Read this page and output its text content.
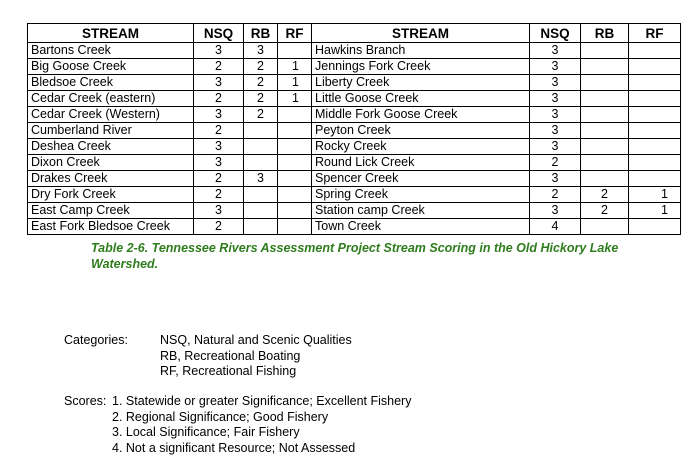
STREAM	NSQ	RB	RF	STREAM	NSQ	RB	RF
Bartons Creek	3	3		Hawkins Branch	3		
Big Goose Creek	2	2	1	Jennings Fork Creek	3		
Bledsoe Creek	3	2	1	Liberty Creek	3		
Cedar Creek (eastern)	2	2	1	Little Goose Creek	3		
Cedar Creek (Western)	3	2		Middle Fork Goose Creek	3		
Cumberland River	2			Peyton Creek	3		
Deshea Creek	3			Rocky Creek	3		
Dixon Creek	3			Round Lick Creek	2		
Drakes Creek	2	3		Spencer Creek	3		
Dry Fork Creek	2			Spring Creek	2	2	1
East Camp Creek	3			Station camp Creek	3	2	1
East Fork Bledsoe Creek	2			Town Creek	4		
Table 2-6. Tennessee Rivers Assessment Project Stream Scoring in the Old Hickory Lake Watershed.
Categories:	NSQ, Natural and Scenic Qualities
RB, Recreational Boating
RF, Recreational Fishing
Scores: 1. Statewide or greater Significance; Excellent Fishery
2. Regional Significance; Good Fishery
3. Local Significance; Fair Fishery
4. Not a significant Resource; Not Assessed
